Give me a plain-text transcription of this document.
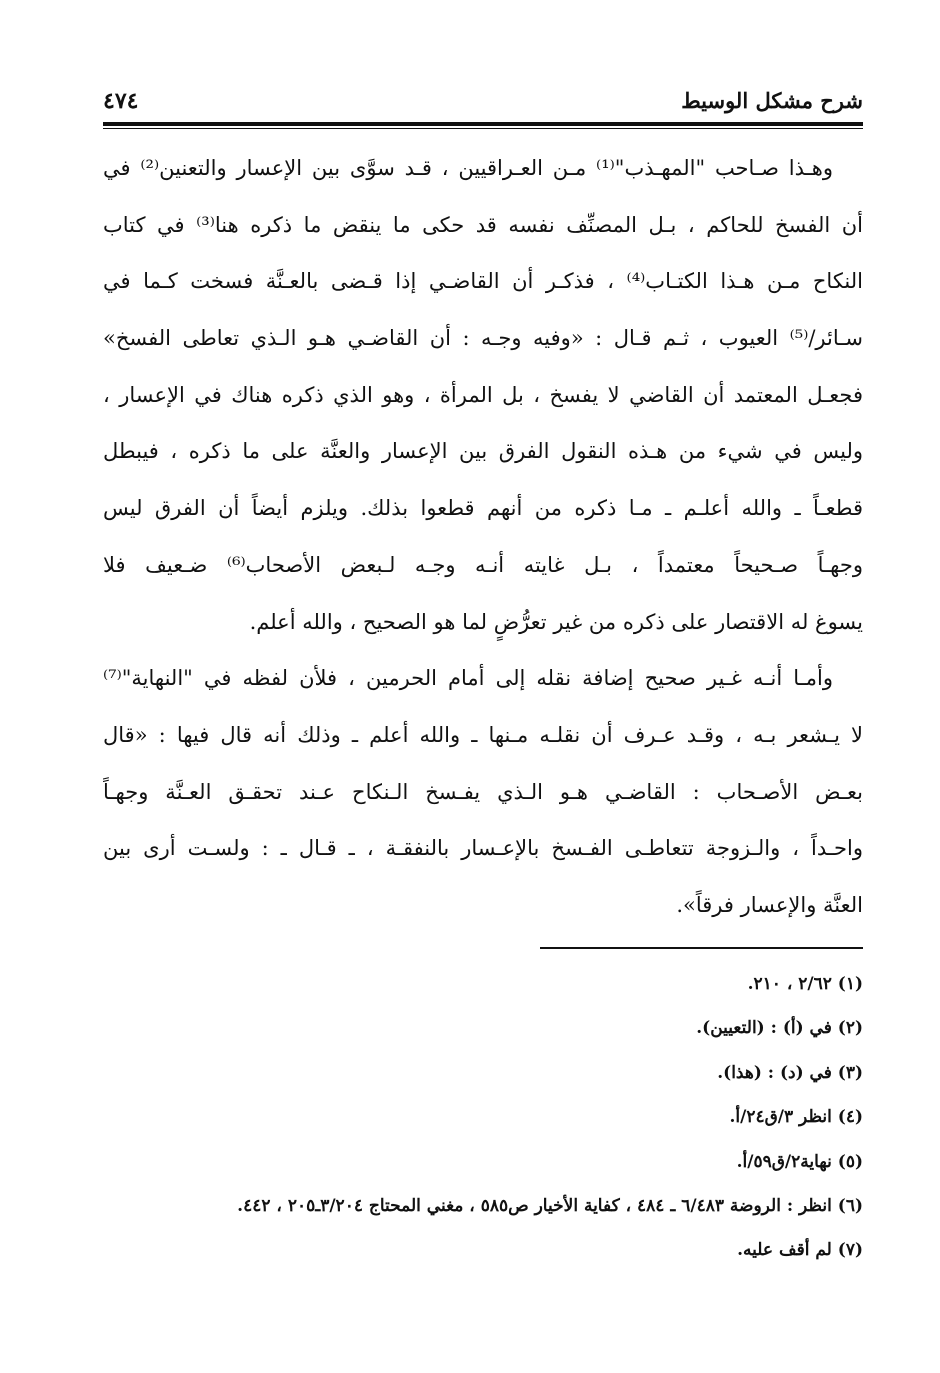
شرح مشكل الوسيط
٤٧٤
وهـذا صـاحب "المهـذب"⁽¹⁾ مـن العـراقيين ، قـد سوَّى بين الإعسار والتعنين⁽²⁾ في
أن الفسخ للحاكم ، بـل المصنِّف نفسه قد حكى ما ينقض ما ذكره هنا⁽³⁾ في كتاب
النكاح مـن هـذا الكتـاب⁽⁴⁾ ، فذكـر أن القاضـي إذا قـضى بالعـنَّة فسخت كـما في
سـائر/⁽⁵⁾ العيوب ، ثـم قـال : «وفيه وجـه : أن القاضـي هـو الـذي تعاطى الفسخ»
فجعـل المعتمد أن القاضي لا يفسخ ، بل المرأة ، وهو الذي ذكره هناك في الإعسار ،
وليس في شيء من هـذه النقول الفرق بين الإعسار والعنَّة على ما ذكره ، فيبطل
قطعـاً ـ والله أعلـم ـ مـا ذكره من أنهم قطعوا بذلك. ويلزم أيضاً أن الفرق ليس
وجهـاً صـحيحاً معتمداً ، بـل غايته أنـه وجـه لـبعض الأصحاب⁽⁶⁾ ضـعيف فلا
يسوغ له الاقتصار على ذكره من غير تعرُّضٍ لما هو الصحيح ، والله أعلم.
وأمـا أنـه غـير صحيح إضافة نقله إلى أمام الحرمين ، فلأن لفظه في "النهاية"⁽⁷⁾
لا يـشعر بـه ، وقـد عـرف أن نقلـه مـنها ـ والله أعلم ـ وذلك أنه قال فيها : «قال
بعـض الأصـحاب : القاضـي هـو الـذي يفـسخ الـنكاح عـند تحقـق العـنَّة وجهـاً
واحـداً ، والـزوجة تتعاطـى الفـسخ بالإعـسار بالنفقـة ، ـ قـال ـ : ولسـت أرى بين
العنَّة والإعسار فرقاً».
(١) ٢/٦٢ ، ٢١٠.
(٢) في (أ) : (التعيين).
(٣) في (د) : (هذا).
(٤) انظر ٣/ق٢٤/أ.
(٥) نهاية٢/ق٥٩/أ.
(٦) انظر : الروضة ٦/٤٨٣ ـ ٤٨٤ ، كفاية الأخيار ص٥٨٥ ، مغني المحتاج ٣/٢٠٤ـ٢٠٥ ، ٤٤٢.
(٧) لم أقف عليه.
